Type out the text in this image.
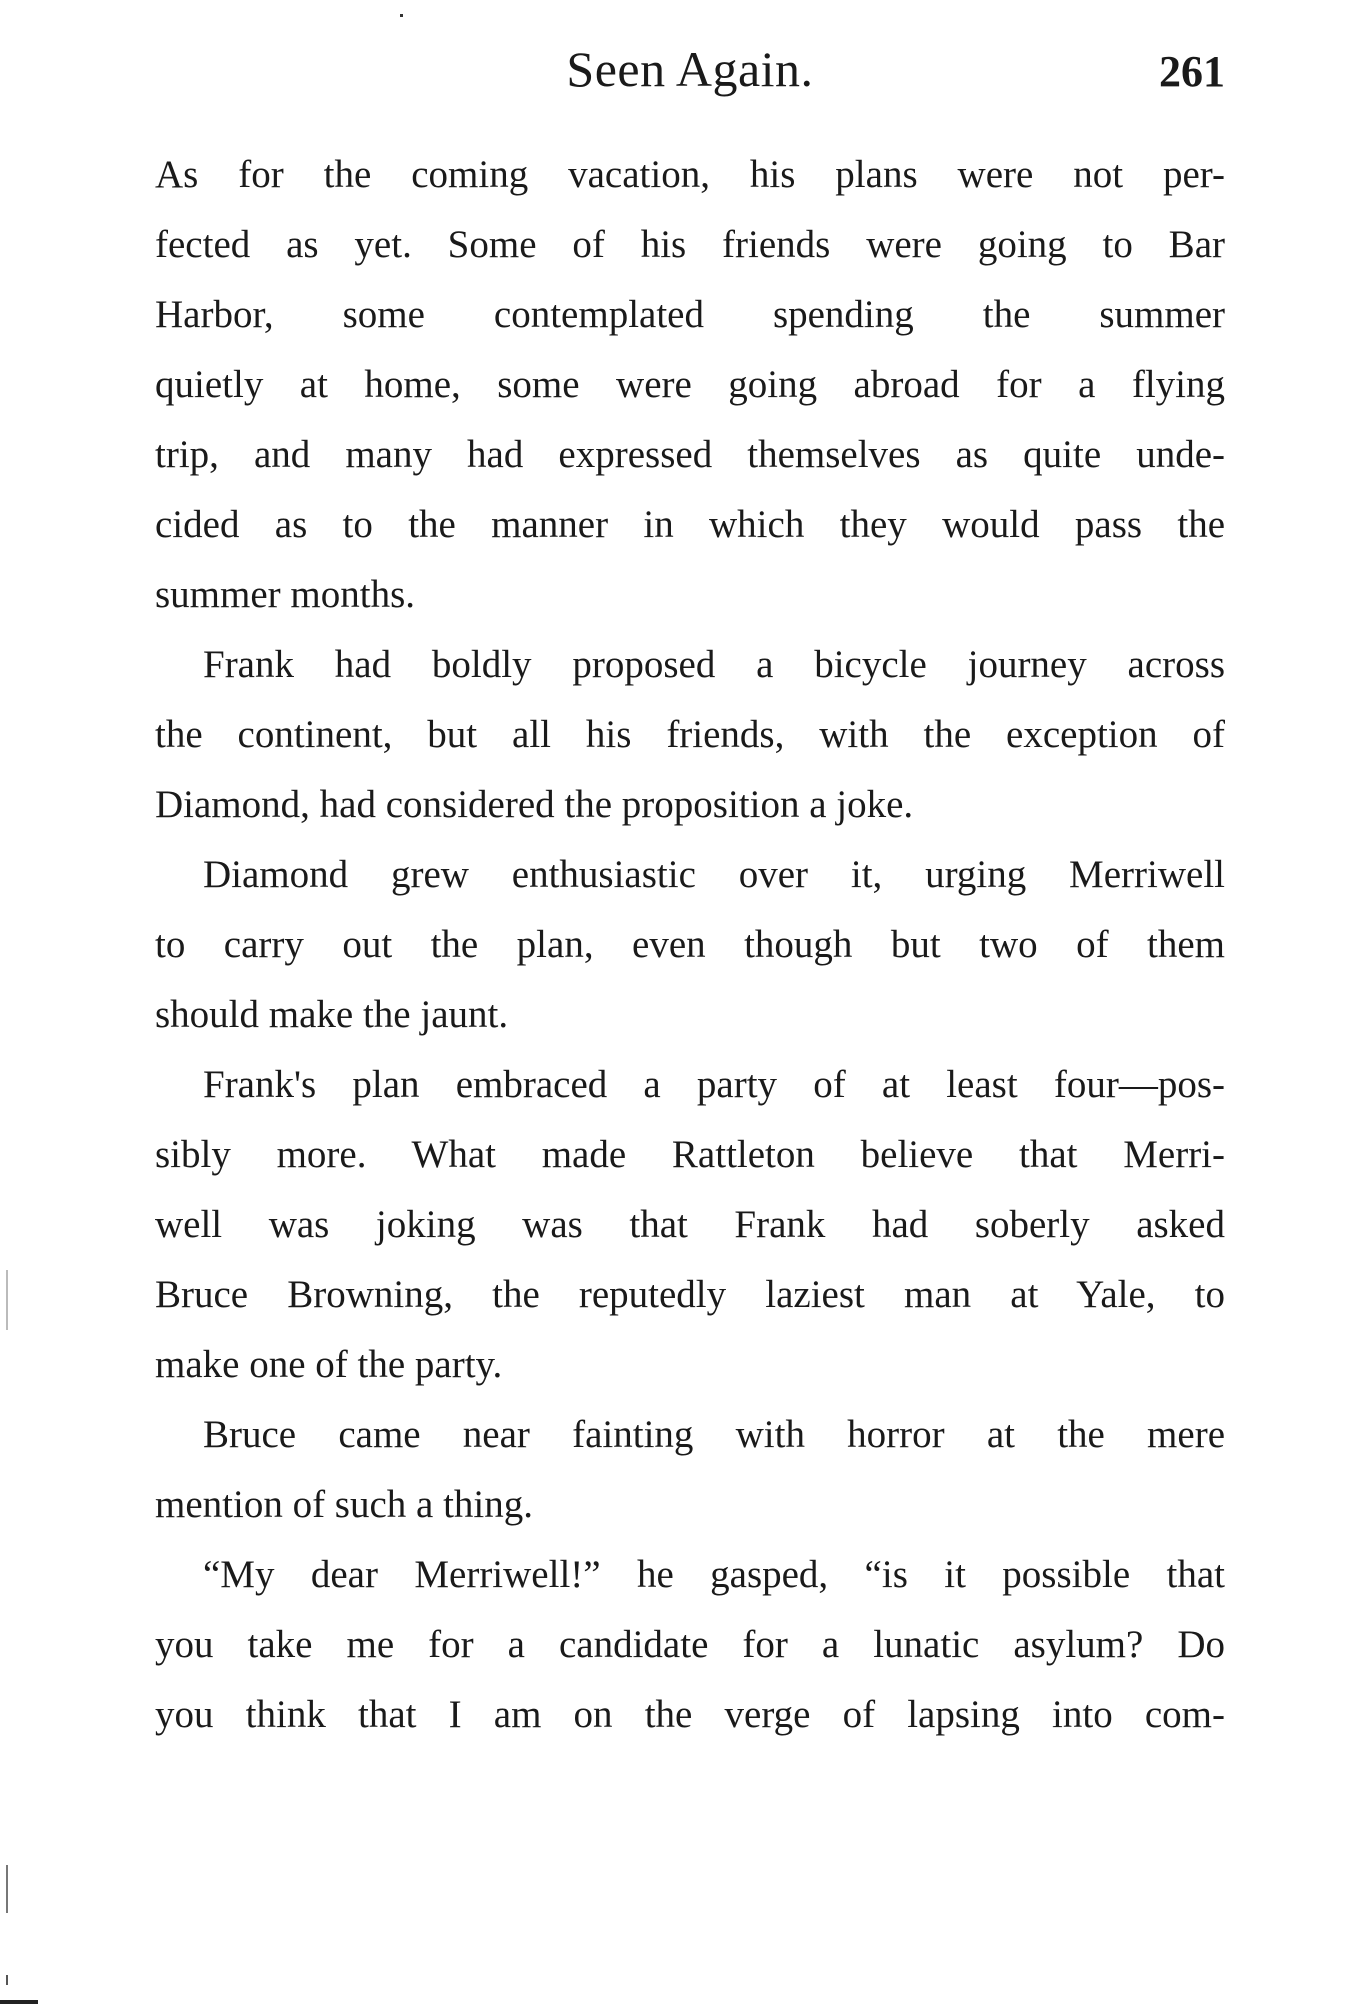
Seen Again.	261
As for the coming vacation, his plans were not per-
fected as yet. Some of his friends were going to Bar
Harbor, some contemplated spending the summer
quietly at home, some were going abroad for a flying
trip, and many had expressed themselves as quite unde-
cided as to the manner in which they would pass the
summer months.
Frank had boldly proposed a bicycle journey across
the continent, but all his friends, with the exception of
Diamond, had considered the proposition a joke.
Diamond grew enthusiastic over it, urging Merriwell
to carry out the plan, even though but two of them
should make the jaunt.
Frank's plan embraced a party of at least four—pos-
sibly more. What made Rattleton believe that Merri-
well was joking was that Frank had soberly asked
Bruce Browning, the reputedly laziest man at Yale, to
make one of the party.
Bruce came near fainting with horror at the mere
mention of such a thing.
“My dear Merriwell!” he gasped, “is it possible that
you take me for a candidate for a lunatic asylum? Do
you think that I am on the verge of lapsing into com-
